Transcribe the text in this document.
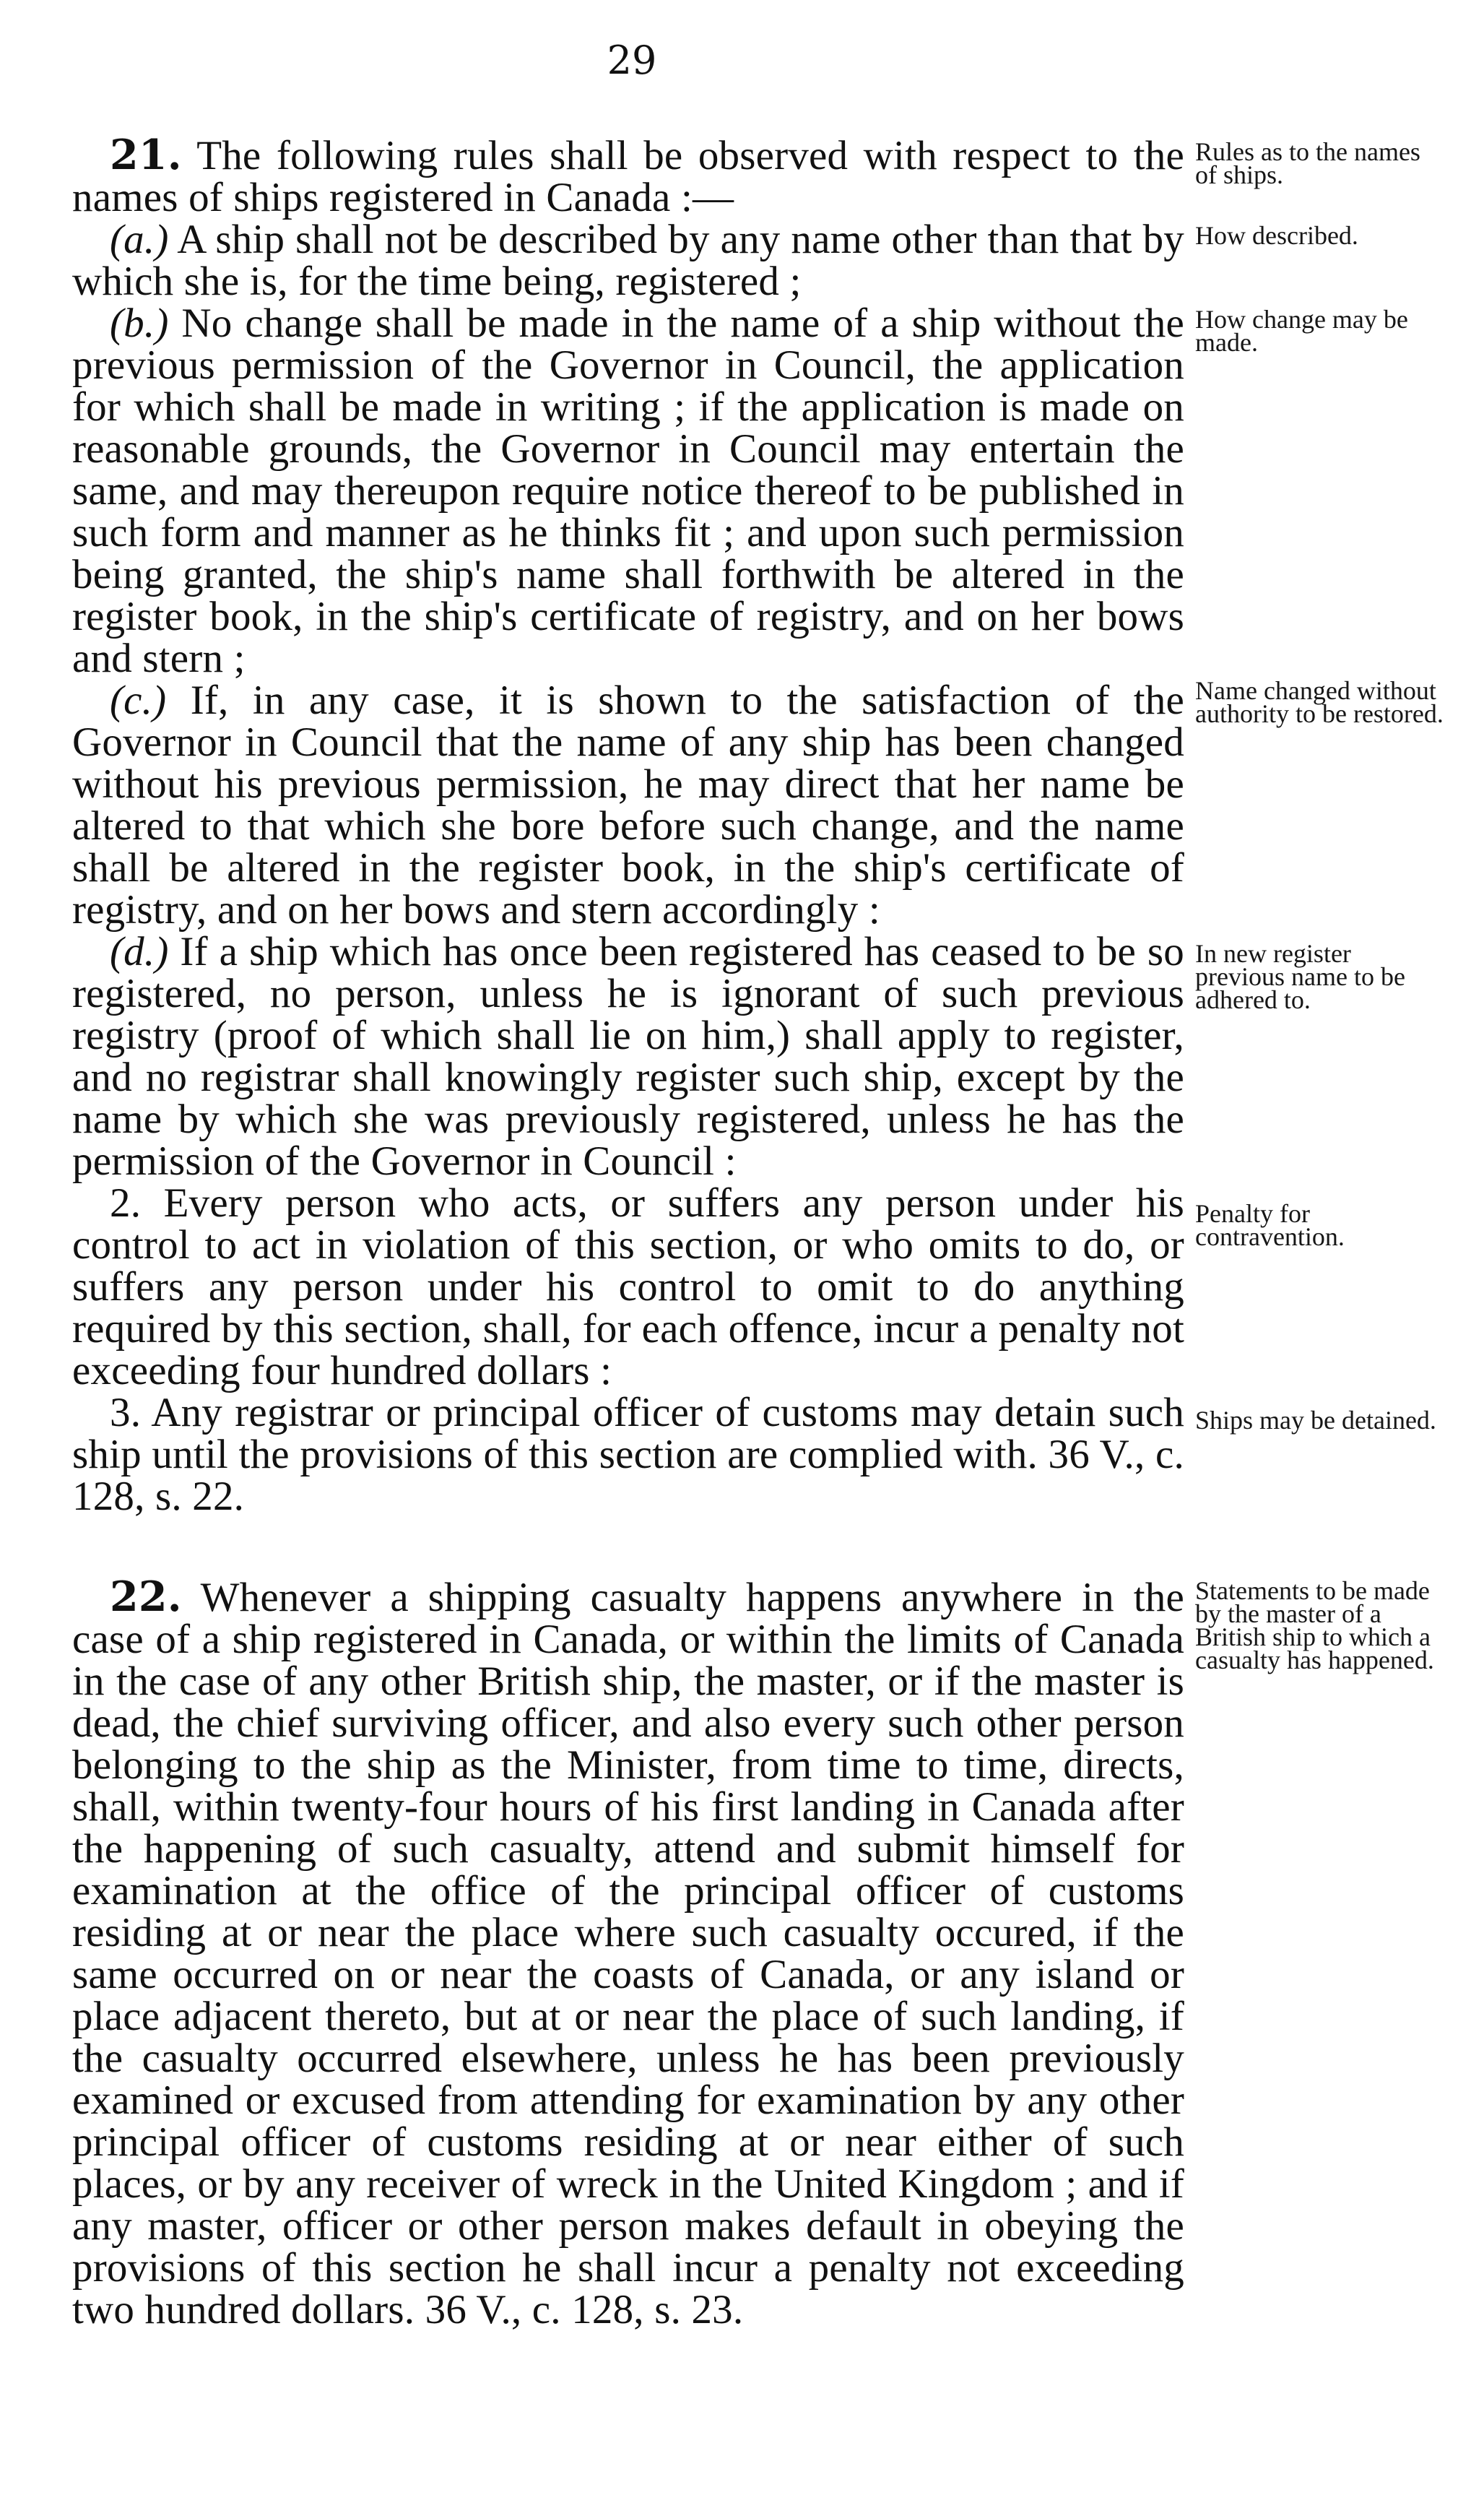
29

21. The following rules shall be observed with respect to the names of ships registered in Canada :—

(a.) A ship shall not be described by any name other than that by which she is, for the time being, registered ;

(b.) No change shall be made in the name of a ship without the previous permission of the Governor in Council, the application for which shall be made in writing ; if the application is made on reasonable grounds, the Governor in Council may entertain the same, and may thereupon require notice thereof to be published in such form and manner as he thinks fit ; and upon such permission being granted, the ship's name shall forthwith be altered in the register book, in the ship's certificate of registry, and on her bows and stern ;

(c.) If, in any case, it is shown to the satisfaction of the Governor in Council that the name of any ship has been changed without his previous permission, he may direct that her name be altered to that which she bore before such change, and the name shall be altered in the register book, in the ship's certificate of registry, and on her bows and stern accordingly :

(d.) If a ship which has once been registered has ceased to be so registered, no person, unless he is ignorant of such previous registry (proof of which shall lie on him,) shall apply to register, and no registrar shall knowingly register such ship, except by the name by which she was previously registered, unless he has the permission of the Governor in Council :

2. Every person who acts, or suffers any person under his control to act in violation of this section, or who omits to do, or suffers any person under his control to omit to do anything required by this section, shall, for each offence, incur a penalty not exceeding four hundred dollars :

3. Any registrar or principal officer of customs may detain such ship until the provisions of this section are complied with. 36 V., c. 128, s. 22.

22. Whenever a shipping casualty happens anywhere in the case of a ship registered in Canada, or within the limits of Canada in the case of any other British ship, the master, or if the master is dead, the chief surviving officer, and also every such other person belonging to the ship as the Minister, from time to time, directs, shall, within twenty-four hours of his first landing in Canada after the happening of such casualty, attend and submit himself for examination at the office of the principal officer of customs residing at or near the place where such casualty occured, if the same occurred on or near the coasts of Canada, or any island or place adjacent thereto, but at or near the place of such landing, if the casualty occurred elsewhere, unless he has been previously examined or excused from attending for examination by any other principal officer of customs residing at or near either of such places, or by any receiver of wreck in the United Kingdom ; and if any master, officer or other person makes default in obeying the provisions of this section he shall incur a penalty not exceeding two hundred dollars. 36 V., c. 128, s. 23.

Rules as to the names of ships.
How described.
How change may be made.
Name changed without authority to be restored.
In new register previous name to be adhered to.
Penalty for contravention.
Ships may be detained.
Statements to be made by the master of a British ship to which a casualty has happened.
